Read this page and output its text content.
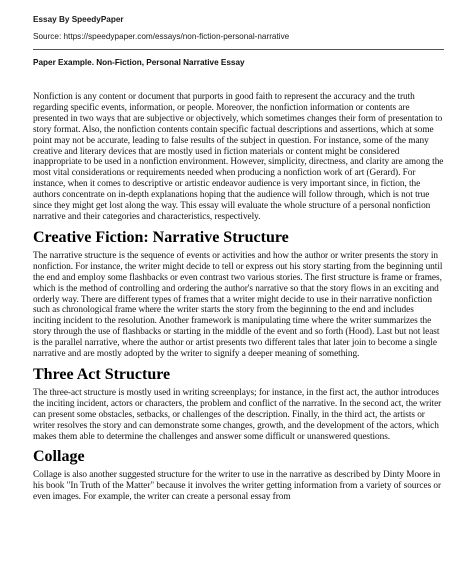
Essay By SpeedyPaper
Source: https://speedypaper.com/essays/non-fiction-personal-narrative
Paper Example. Non-Fiction, Personal Narrative Essay

Nonfiction is any content or document that purports in good faith to represent the accuracy and the truth regarding specific events, information, or people. Moreover, the nonfiction information or contents are presented in two ways that are subjective or objectively, which sometimes changes their form of presentation to story format. Also, the nonfiction contents contain specific factual descriptions and assertions, which at some point may not be accurate, leading to false results of the subject in question. For instance, some of the many creative and literary devices that are mostly used in fiction materials or content might be considered inappropriate to be used in a nonfiction environment. However, simplicity, directness, and clarity are among the most vital considerations or requirements needed when producing a nonfiction work of art (Gerard). For instance, when it comes to descriptive or artistic endeavor audience is very important since, in fiction, the authors concentrate on in-depth explanations hoping that the audience will follow through, which is not true since they might get lost along the way. This essay will evaluate the whole structure of a personal nonfiction narrative and their categories and characteristics, respectively.

Creative Fiction: Narrative Structure

The narrative structure is the sequence of events or activities and how the author or writer presents the story in nonfiction. For instance, the writer might decide to tell or express out his story starting from the beginning until the end and employ some flashbacks or even contrast two various stories. The first structure is frame or frames, which is the method of controlling and ordering the author's narrative so that the story flows in an exciting and orderly way. There are different types of frames that a writer might decide to use in their narrative nonfiction such as chronological frame where the writer starts the story from the beginning to the end and includes inciting incident to the resolution. Another framework is manipulating time where the writer summarizes the story through the use of flashbacks or starting in the middle of the event and so forth (Hood). Last but not least is the parallel narrative, where the author or artist presents two different tales that later join to become a single narrative and are mostly adopted by the writer to signify a deeper meaning of something.

Three Act Structure

The three-act structure is mostly used in writing screenplays; for instance, in the first act, the author introduces the inciting incident, actors or characters, the problem and conflict of the narrative. In the second act, the writer can present some obstacles, setbacks, or challenges of the description. Finally, in the third act, the artists or writer resolves the story and can demonstrate some changes, growth, and the development of the actors, which makes them able to determine the challenges and answer some difficult or unanswered questions.

Collage

Collage is also another suggested structure for the writer to use in the narrative as described by Dinty Moore in his book "In Truth of the Matter" because it involves the writer getting information from a variety of sources or even images. For example, the writer can create a personal essay from
